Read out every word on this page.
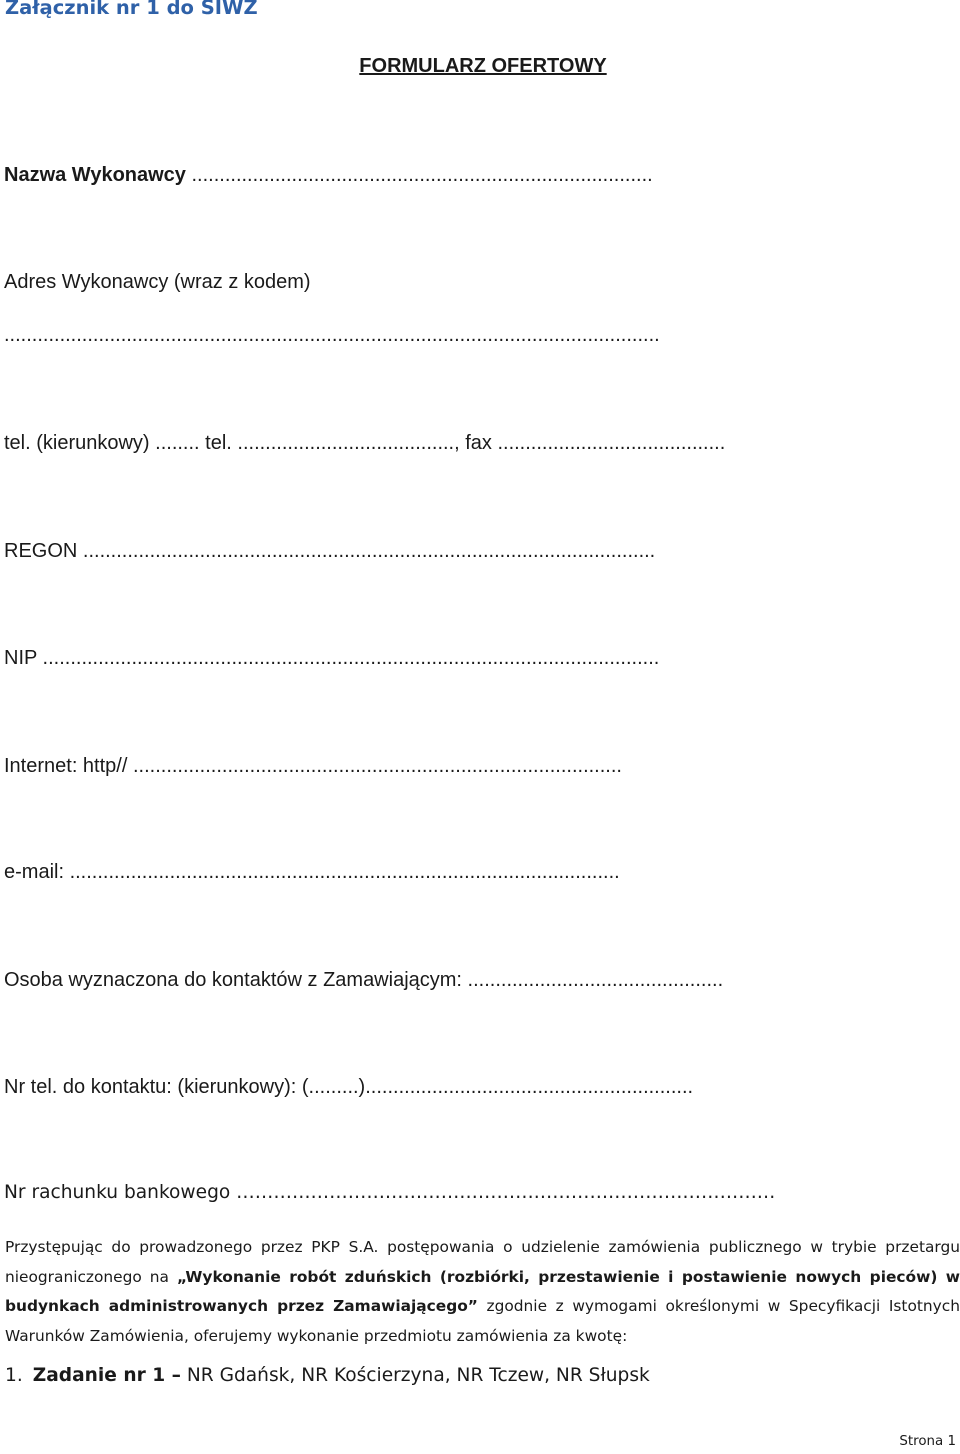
Załącznik nr 1 do SIWZ
FORMULARZ OFERTOWY
Nazwa Wykonawcy ...................................................................................
Adres Wykonawcy (wraz z kodem)
......................................................................................................................
tel. (kierunkowy) ........ tel. ......................................., fax .........................................
REGON .......................................................................................................
NIP ...............................................................................................................
Internet: http// ........................................................................................
e-mail: ...................................................................................................
Osoba wyznaczona do kontaktów z Zamawiającym: ..............................................
Nr tel. do kontaktu: (kierunkowy): (.........)...........................................................
Nr rachunku bankowego ……………………………………………………………………………
Przystępując do prowadzonego przez PKP S.A. postępowania o udzielenie zamówienia publicznego w trybie przetargu nieograniczonego na „Wykonanie robót zduńskich (rozbiórki, przestawienie i postawienie nowych pieców) w budynkach administrowanych przez Zamawiającego” zgodnie z wymogami określonymi w Specyfikacji Istotnych Warunków Zamówienia, oferujemy wykonanie przedmiotu zamówienia za kwotę:
1. Zadanie nr 1 – NR Gdańsk, NR Kościerzyna, NR Tczew, NR Słupsk
Strona 1
